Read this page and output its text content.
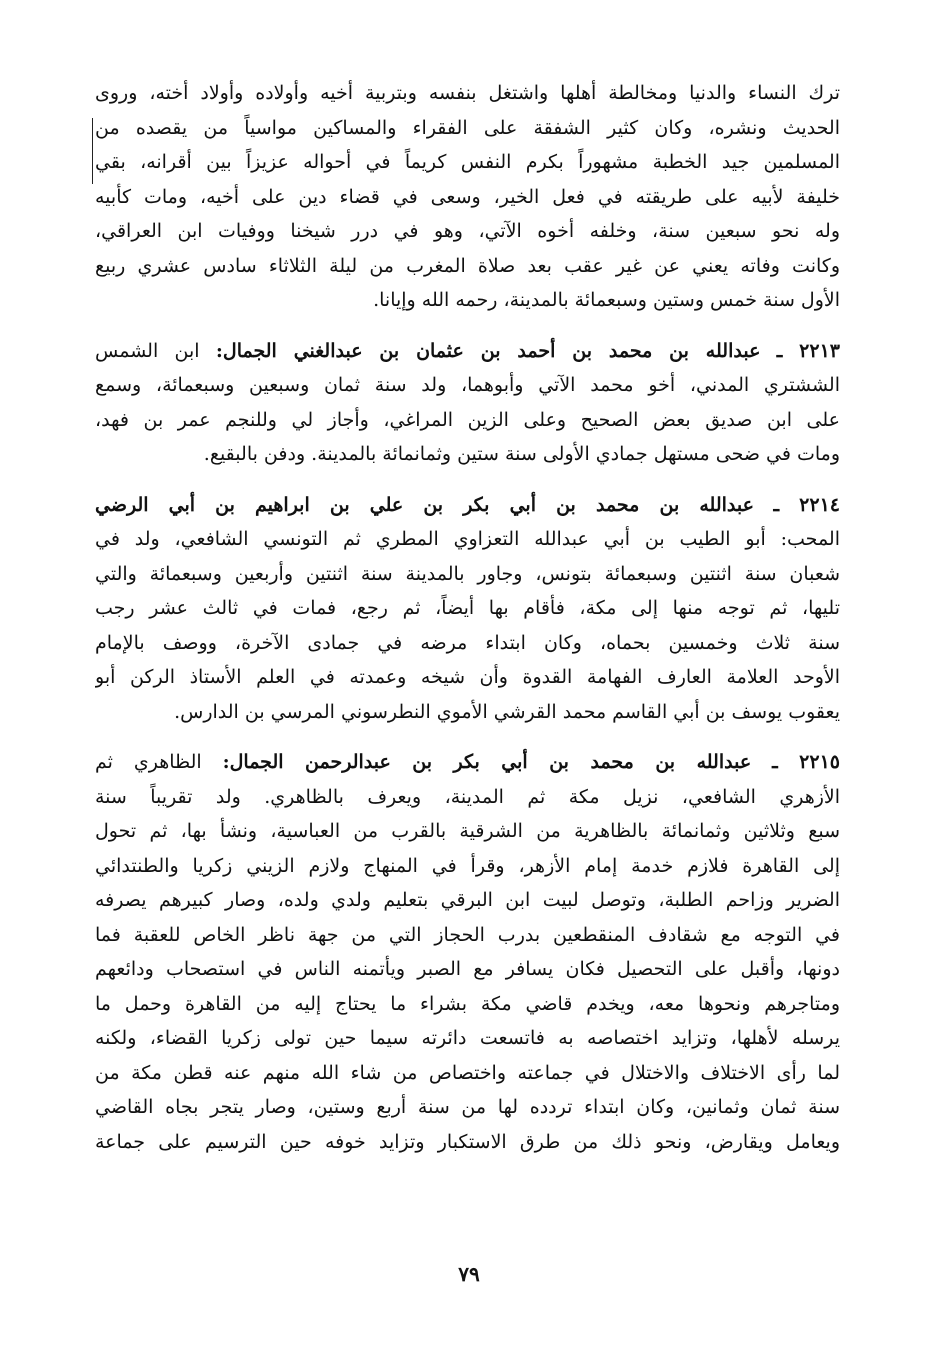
ترك النساء والدنيا ومخالطة أهلها واشتغل بنفسه وبتربية أخيه وأولاده وأولاد أخته، وروى
الحديث ونشره، وكان كثير الشفقة على الفقراء والمساكين مواسياً من يقصده من
المسلمين جيد الخطبة مشهوراً بكرم النفس كريماً في أحواله عزيزاً بين أقرانه، بقي
خليفة لأبيه على طريقته في فعل الخير، وسعى في قضاء دين على أخيه، ومات كأبيه
وله نحو سبعين سنة، وخلفه أخوه الآتي، وهو في درر شيخنا ووفيات ابن العراقي،
وكانت وفاته يعني عن غير عقب بعد صلاة المغرب من ليلة الثلاثاء سادس عشري ربيع
الأول سنة خمس وستين وسبعمائة بالمدينة، رحمه الله وإيانا.
٢٢١٣ ـ عبدالله بن محمد بن أحمد بن عثمان بن عبدالغني الجمال: ابن الشمس
الششتري المدني، أخو محمد الآتي وأبوهما، ولد سنة ثمان وسبعين وسبعمائة، وسمع
على ابن صديق بعض الصحيح وعلى الزين المراغي، وأجاز لي وللنجم عمر بن فهد،
ومات في ضحى مستهل جمادي الأولى سنة ستين وثمانمائة بالمدينة. ودفن بالبقيع.
٢٢١٤ ـ عبدالله بن محمد بن أبي بكر بن علي بن ابراهيم بن أبي الرضي
المحب: أبو الطيب بن أبي عبدالله التعزاوي المطري ثم التونسي الشافعي، ولد في
شعبان سنة اثنتين وسبعمائة بتونس، وجاور بالمدينة سنة اثنتين وأربعين وسبعمائة والتي
تليها، ثم توجه منها إلى مكة، فأقام بها أيضاً، ثم رجع، فمات في ثالث عشر رجب
سنة ثلاث وخمسين بحماه، وكان ابتداء مرضه في جمادى الآخرة، ووصف بالإمام
الأوحد العلامة العارف الفهامة القدوة وأن شيخه وعمدته في العلم الأستاذ الركن أبو
يعقوب يوسف بن أبي القاسم محمد القرشي الأموي النطرسوني المرسي بن الدارس.
٢٢١٥ ـ عبدالله بن محمد بن أبي بكر بن عبدالرحمن الجمال: الظاهري ثم
الأزهري الشافعي، نزيل مكة ثم المدينة، ويعرف بالظاهري. ولد تقريباً سنة
سبع وثلاثين وثمانمائة بالظاهرية من الشرقية بالقرب من العباسية، ونشأ بها، ثم تحول
إلى القاهرة فلازم خدمة إمام الأزهر، وقرأ في المنهاج ولازم الزيني زكريا والطنتدائي
الضرير وزاحم الطلبة، وتوصل لبيت ابن البرقي بتعليم ولدي ولده، وصار كبيرهم يصرفه
في التوجه مع شقادف المنقطعين بدرب الحجاز التي من جهة ناظر الخاص للعقبة فما
دونها، وأقبل على التحصيل فكان يسافر مع الصبر ويأتمنه الناس في استصحاب ودائعهم
ومتاجرهم ونحوها معه، ويخدم قاضي مكة بشراء ما يحتاج إليه من القاهرة وحمل ما
يرسله لأهلها، وتزايد اختصاصه به فاتسعت دائرته سيما حين تولى زكريا القضاء، ولكنه
لما رأى الاختلاف والاختلال في جماعته واختصاص من شاء الله منهم عنه قطن مكة من
سنة ثمان وثمانين، وكان ابتداء تردده لها من سنة أربع وستين، وصار يتجر بجاه القاضي
ويعامل ويقارض، ونحو ذلك من طرق الاستكبار وتزايد خوفه حين الترسيم على جماعة
٧٩
